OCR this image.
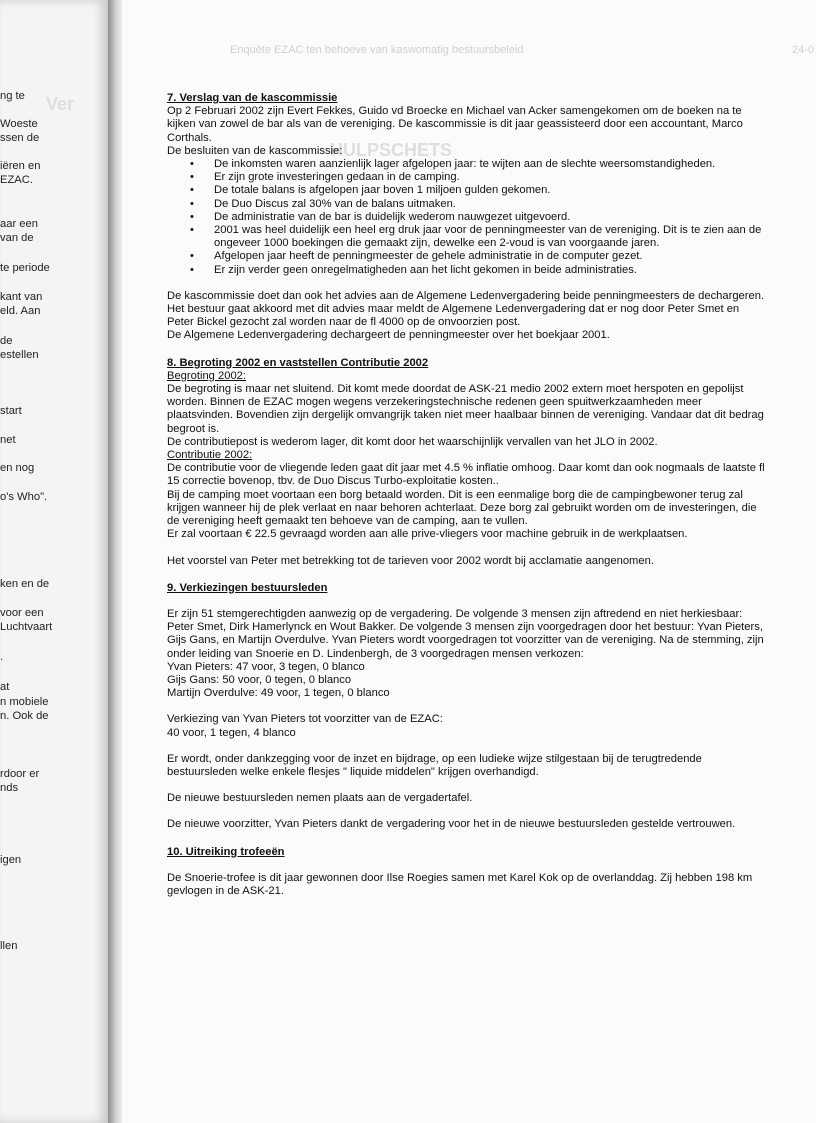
ng te
Woeste
ssen de
iëren en
EZAC.
aar een
van de
te periode
kant van
eld. Aan
de
estellen
start
net
en nog
o's Who".
ken en de
voor een
Luchtvaart
.
at
n mobiele
n. Ook de
rdoor er
nds
igen
llen
Ver
Enquête EZAC ten behoeve van kaswomatig bestuursbeleid	24-0
HULPSCHETS
7. Verslag van de kascommissie

Op 2 Februari 2002 zijn Evert Fekkes, Guido vd Broecke en Michael van Acker samengekomen om de boeken na te kijken van zowel de bar als van de vereniging. De kascommissie is dit jaar geassisteerd door een accountant, Marco Corthals.

De besluiten van de kascommissie:

• De inkomsten waren aanzienlijk lager afgelopen jaar: te wijten aan de slechte weersomstandigheden.
• Er zijn grote investeringen gedaan in de camping.
• De totale balans is afgelopen jaar boven 1 miljoen gulden gekomen.
• De Duo Discus zal 30% van de balans uitmaken.
• De administratie van de bar is duidelijk wederom nauwgezet uitgevoerd.
• 2001 was heel duidelijk een heel erg druk jaar voor de penningmeester van de vereniging. Dit is te zien aan de ongeveer 1000 boekingen die gemaakt zijn, dewelke een 2-voud is van voorgaande jaren.
• Afgelopen jaar heeft de penningmeester de gehele administratie in de computer gezet.
• Er zijn verder geen onregelmatigheden aan het licht gekomen in beide administraties.

De kascommissie doet dan ook het advies aan de Algemene Ledenvergadering beide penningmeesters de dechargeren.

Het bestuur gaat akkoord met dit advies maar meldt de Algemene Ledenvergadering dat er nog door Peter Smet en Peter Bickel gezocht zal worden naar de fl 4000 op de onvoorzien post.

De Algemene Ledenvergadering dechargeert de penningmeester over het boekjaar 2001.

8. Begroting 2002 en vaststellen Contributie 2002

Begroting 2002:

De begroting is maar net sluitend. Dit komt mede doordat de ASK-21 medio 2002 extern moet herspoten en gepolijst worden. Binnen de EZAC mogen wegens verzekeringstechnische redenen geen spuitwerkzaamheden meer plaatsvinden. Bovendien zijn dergelijk omvangrijk taken niet meer haalbaar binnen de vereniging. Vandaar dat dit bedrag begroot is.

De contributiepost is wederom lager, dit komt door het waarschijnlijk vervallen van het JLO in 2002.

Contributie 2002:

De contributie voor de vliegende leden gaat dit jaar met 4.5 % inflatie omhoog. Daar komt dan ook nogmaals de laatste fl 15 correctie bovenop, tbv. de Duo Discus Turbo-exploitatie kosten..

Bij de camping moet voortaan een borg betaald worden. Dit is een eenmalige borg die de campingbewoner terug zal krijgen wanneer hij de plek verlaat en naar behoren achterlaat. Deze borg zal gebruikt worden om de investeringen, die de vereniging heeft gemaakt ten behoeve van de camping, aan te vullen.

Er zal voortaan € 22.5 gevraagd worden aan alle prive-vliegers voor machine gebruik in de werkplaatsen.

Het voorstel van Peter met betrekking tot de tarieven voor 2002 wordt bij acclamatie aangenomen.

9. Verkiezingen bestuursleden

Er zijn 51 stemgerechtigden aanwezig op de vergadering. De volgende 3 mensen zijn aftredend en niet herkiesbaar: Peter Smet, Dirk Hamerlynck en Wout Bakker. De volgende 3 mensen zijn voorgedragen door het bestuur: Yvan Pieters, Gijs Gans, en Martijn Overdulve. Yvan Pieters wordt voorgedragen tot voorzitter van de vereniging. Na de stemming, zijn onder leiding van Snoerie en D. Lindenbergh, de 3 voorgedragen mensen verkozen:

Yvan Pieters: 47 voor, 3 tegen, 0 blanco

Gijs Gans: 50 voor, 0 tegen, 0 blanco

Martijn Overdulve: 49 voor, 1 tegen, 0 blanco

Verkiezing van Yvan Pieters tot voorzitter van de EZAC:

40 voor, 1 tegen, 4 blanco

Er wordt, onder dankzegging voor de inzet en bijdrage, op een ludieke wijze stilgestaan bij de terugtredende bestuursleden welke enkele flesjes " liquide middelen" krijgen overhandigd.

De nieuwe bestuursleden nemen plaats aan de vergadertafel.

De nieuwe voorzitter, Yvan Pieters dankt de vergadering voor het in de nieuwe bestuursleden gestelde vertrouwen.

10. Uitreiking trofeeën

De Snoerie-trofee is dit jaar gewonnen door Ilse Roegies samen met Karel Kok op de overlanddag. Zij hebben 198 km gevlogen in de ASK-21.
